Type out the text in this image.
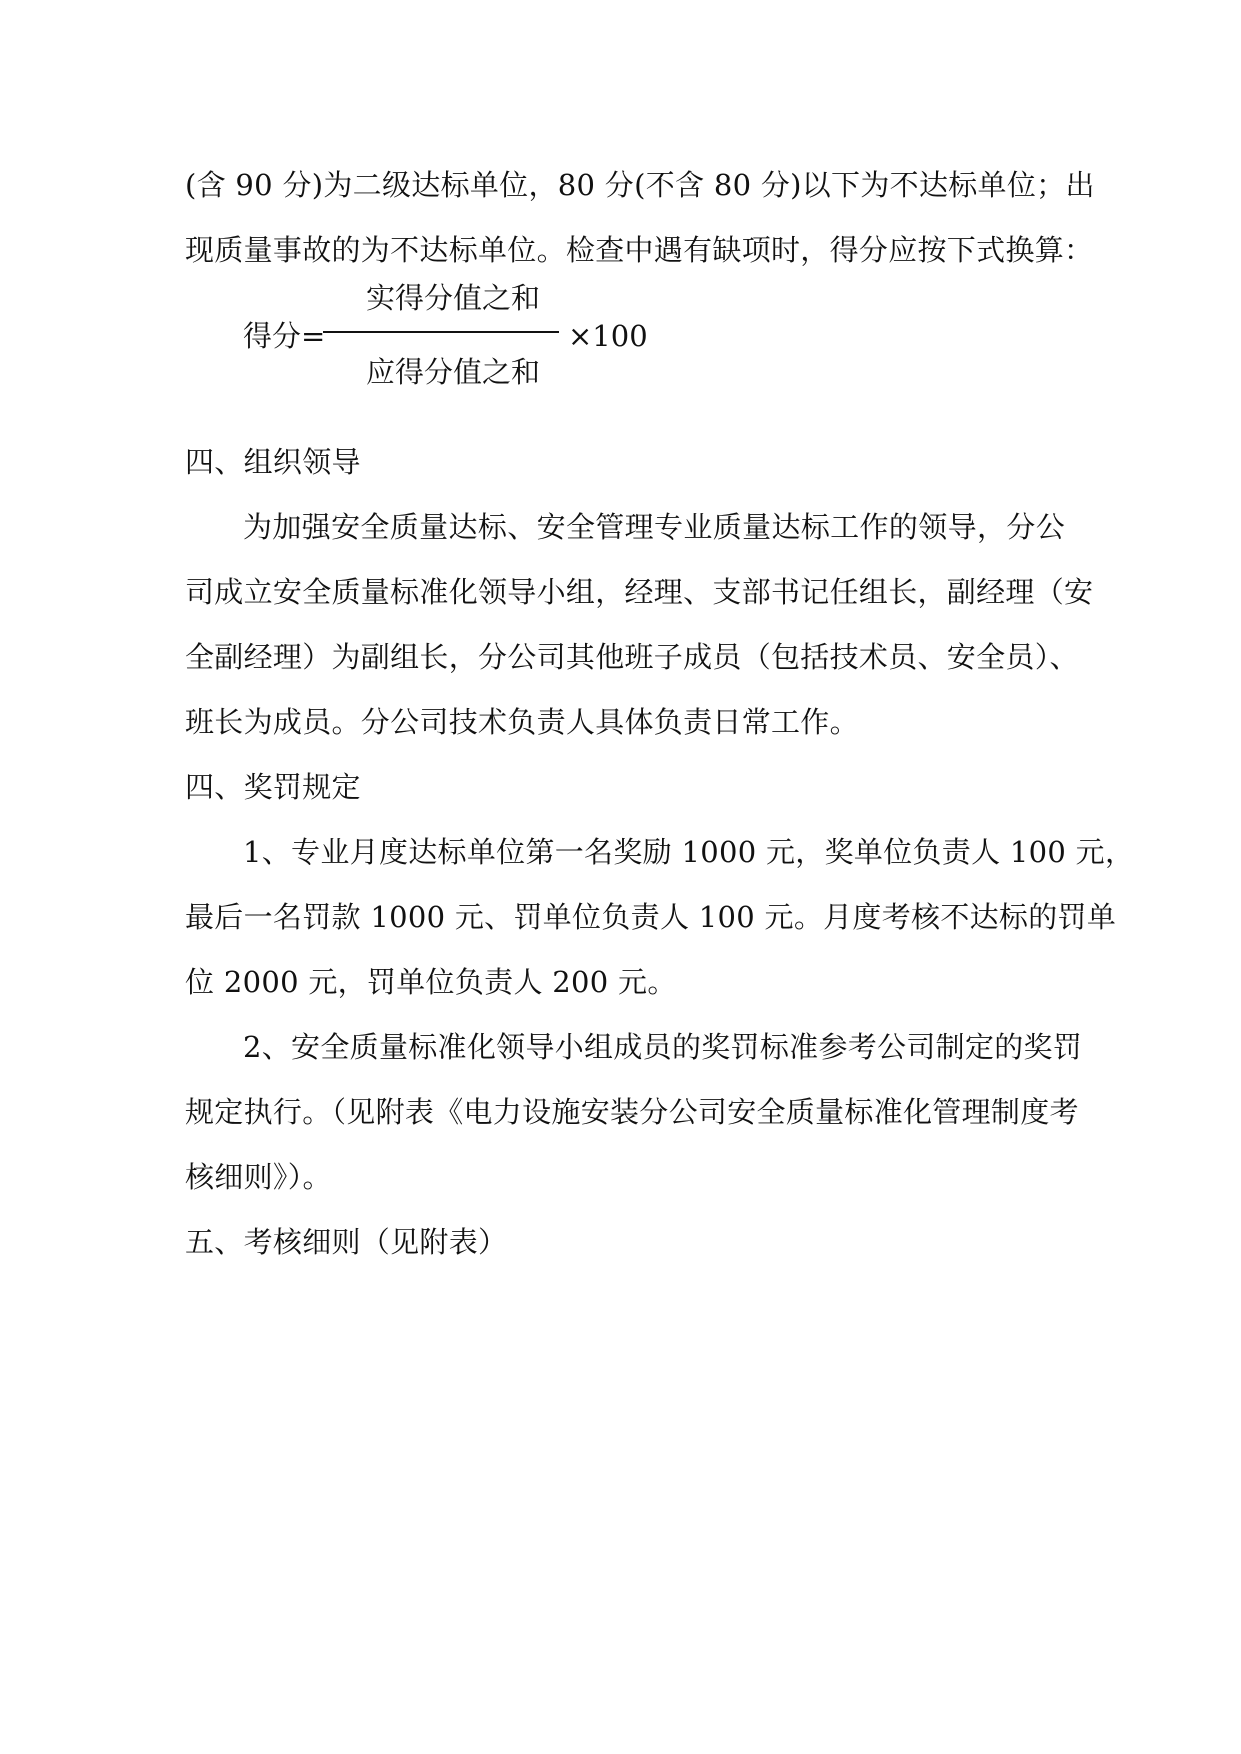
(含 90 分)为二级达标单位，80 分(不含 80 分)以下为不达标单位；出
现质量事故的为不达标单位。检查中遇有缺项时，得分应按下式换算：
得分=
实得分值之和
应得分值之和
×100
四、组织领导
为加强安全质量达标、安全管理专业质量达标工作的领导，分公
司成立安全质量标准化领导小组，经理、支部书记任组长，副经理（安
全副经理）为副组长，分公司其他班子成员（包括技术员、安全员）、
班长为成员。分公司技术负责人具体负责日常工作。
四、奖罚规定
1、专业月度达标单位第一名奖励 1000 元，奖单位负责人 100 元，
最后一名罚款 1000 元、罚单位负责人 100 元。月度考核不达标的罚单
位 2000 元，罚单位负责人 200 元。
2、安全质量标准化领导小组成员的奖罚标准参考公司制定的奖罚
规定执行。（见附表《电力设施安装分公司安全质量标准化管理制度考
核细则》）。
五、考核细则（见附表）
